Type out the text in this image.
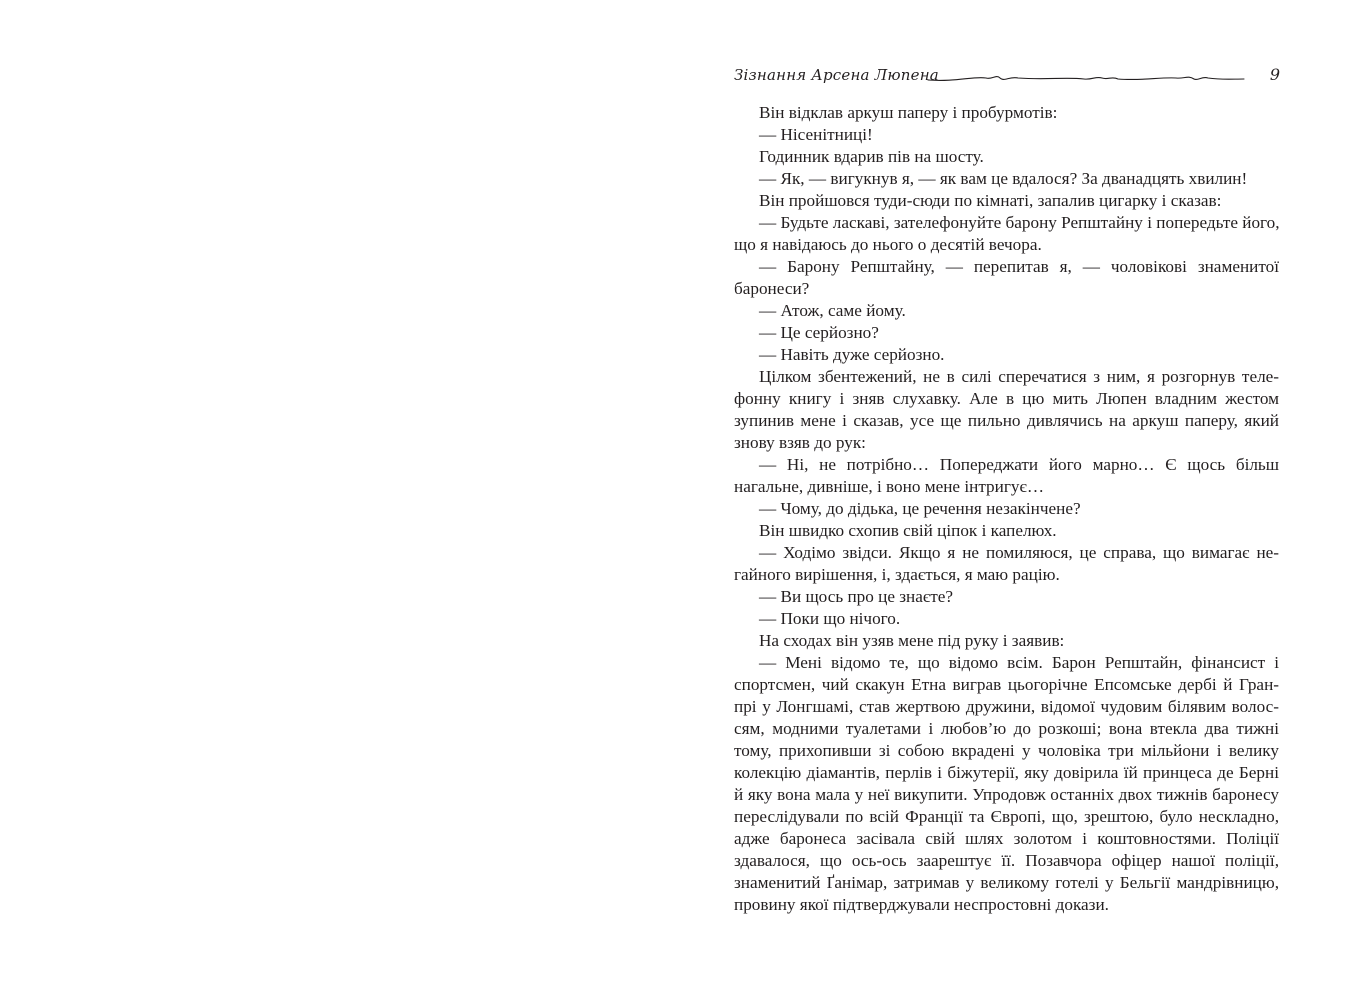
Зізнання Арсена Люпена	9
Він відклав аркуш паперу і пробурмотів:
— Нісенітниці!
Годинник вдарив пів на шосту.
— Як, — вигукнув я, — як вам це вдалося? За дванадцять хвилин!
Він пройшовся туди-сюди по кімнаті, запалив цигарку і сказав:
— Будьте ласкаві, зателефонуйте барону Репштайну і попередьте його,
що я навідаюсь до нього о десятій вечора.
— Барону Репштайну, — перепитав я, — чоловікові знаменитої
баронеси?
— Атож, саме йому.
— Це серйозно?
— Навіть дуже серйозно.
Цілком збентежений, не в силі сперечатися з ним, я розгорнув теле-
фонну книгу і зняв слухавку. Але в цю мить Люпен владним жестом
зупинив мене і сказав, усе ще пильно дивлячись на аркуш паперу, який
знову взяв до рук:
— Ні, не потрібно… Попереджати його марно… Є щось більш
нагальне, дивніше, і воно мене інтригує…
— Чому, до дідька, це речення незакінчене?
Він швидко схопив свій ціпок і капелюх.
— Ходімо звідси. Якщо я не помиляюся, це справа, що вимагає не-
гайного вирішення, і, здається, я маю рацію.
— Ви щось про це знаєте?
— Поки що нічого.
На сходах він узяв мене під руку і заявив:
— Мені відомо те, що відомо всім. Барон Репштайн, фінансист і
спортсмен, чий скакун Етна виграв цьогорічне Епсомське дербі й Гран-
прі у Лонгшамі, став жертвою дружини, відомої чудовим білявим волос-
сям, модними туалетами і любов’ю до розкоші; вона втекла два тижні
тому, прихопивши зі собою вкрадені у чоловіка три мільйони і велику
колекцію діамантів, перлів і біжутерії, яку довірила їй принцеса де Берні
й яку вона мала у неї викупити. Упродовж останніх двох тижнів баронесу
переслідували по всій Франції та Європі, що, зрештою, було нескладно,
адже баронеса засівала свій шлях золотом і коштовностями. Поліції
здавалося, що ось-ось заарештує її. Позавчора офіцер нашої поліції,
знаменитий Ґанімар, затримав у великому готелі у Бельгії мандрівницю,
провину якої підтверджували неспростовні докази.
